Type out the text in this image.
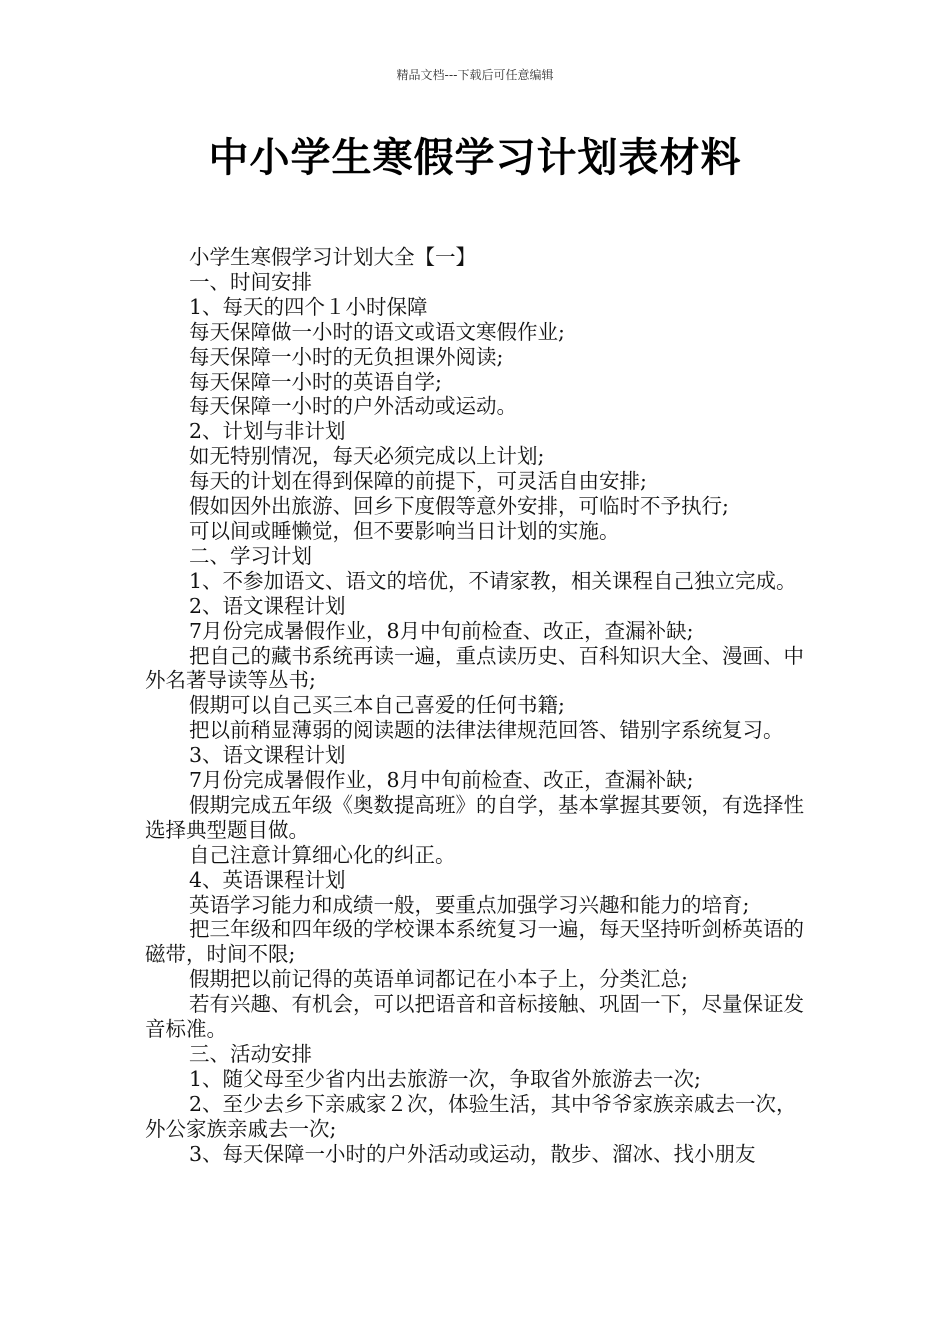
精品文档---下载后可任意编辑
中小学生寒假学习计划表材料

小学生寒假学习计划大全【一】

一、时间安排

1、每天的四个１小时保障

每天保障做一小时的语文或语文寒假作业;

每天保障一小时的无负担课外阅读;

每天保障一小时的英语自学;

每天保障一小时的户外活动或运动。

2、计划与非计划

如无特别情况，每天必须完成以上计划;

每天的计划在得到保障的前提下，可灵活自由安排;

假如因外出旅游、回乡下度假等意外安排，可临时不予执行;

可以间或睡懒觉，但不要影响当日计划的实施。

二、学习计划

1、不参加语文、语文的培优，不请家教，相关课程自己独立完成。

2、语文课程计划

7月份完成暑假作业，8月中旬前检查、改正，查漏补缺;

把自己的藏书系统再读一遍，重点读历史、百科知识大全、漫画、中外名著导读等丛书;

假期可以自己买三本自己喜爱的任何书籍;

把以前稍显薄弱的阅读题的法律法律规范回答、错别字系统复习。

3、语文课程计划

7月份完成暑假作业，8月中旬前检查、改正，查漏补缺;

假期完成五年级《奥数提高班》的自学，基本掌握其要领，有选择性选择典型题目做。

自己注意计算细心化的纠正。

4、英语课程计划

英语学习能力和成绩一般，要重点加强学习兴趣和能力的培育;

把三年级和四年级的学校课本系统复习一遍，每天坚持听剑桥英语的磁带，时间不限;

假期把以前记得的英语单词都记在小本子上，分类汇总;

若有兴趣、有机会，可以把语音和音标接触、巩固一下，尽量保证发音标准。

三、活动安排

1、随父母至少省内出去旅游一次，争取省外旅游去一次;

2、至少去乡下亲戚家２次，体验生活，其中爷爷家族亲戚去一次，外公家族亲戚去一次;

3、每天保障一小时的户外活动或运动，散步、溜冰、找小朋友
